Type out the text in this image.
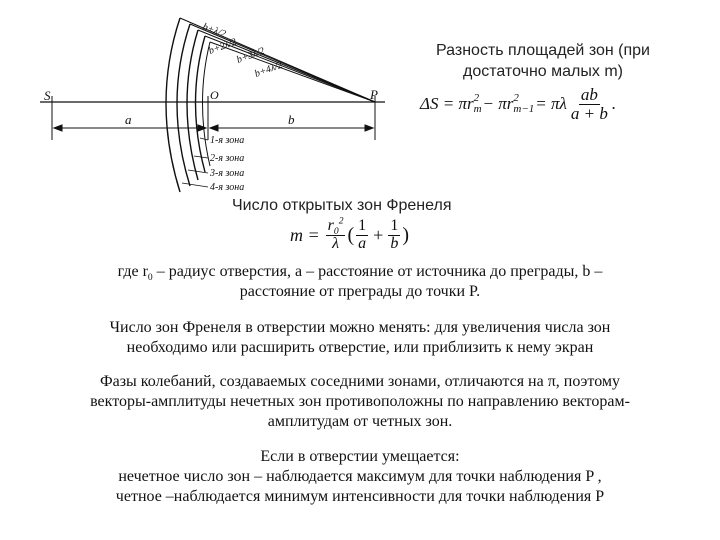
S	O	P
a	b
b+λ/2
b+2λ/2
b+3λ/2
b+4λ/2
1-я зона
2-я зона
3-я зона
4-я зона
Разность площадей зон (при достаточно малых m)
ΔS = πr 2
m − πr 2
m−1 = πλ $\frac{ab}{a + b}$ .
Число открытых зон Френеля
$m = \frac{r_0^2}{\lambda}$ ( $\frac{1}{a} + \frac{1}{b}$ )
где $r_0$ – радиус отверстия, a – расстояние от источника до преграды, b –
расстояние от преграды до точки P.
Число зон Френеля в отверстии можно менять: для увеличения числа зон
необходимо или расширить отверстие, или приблизить к нему экран
Фазы колебаний, создаваемых соседними зонами, отличаются на π, поэтому
векторы-амплитуды нечетных зон противоположны по направлению векторам-
амплитудам от четных зон.
Если в отверстии умещается:
нечетное число зон – наблюдается максимум для точки наблюдения P ,
четное –наблюдается минимум интенсивности для точки наблюдения P
